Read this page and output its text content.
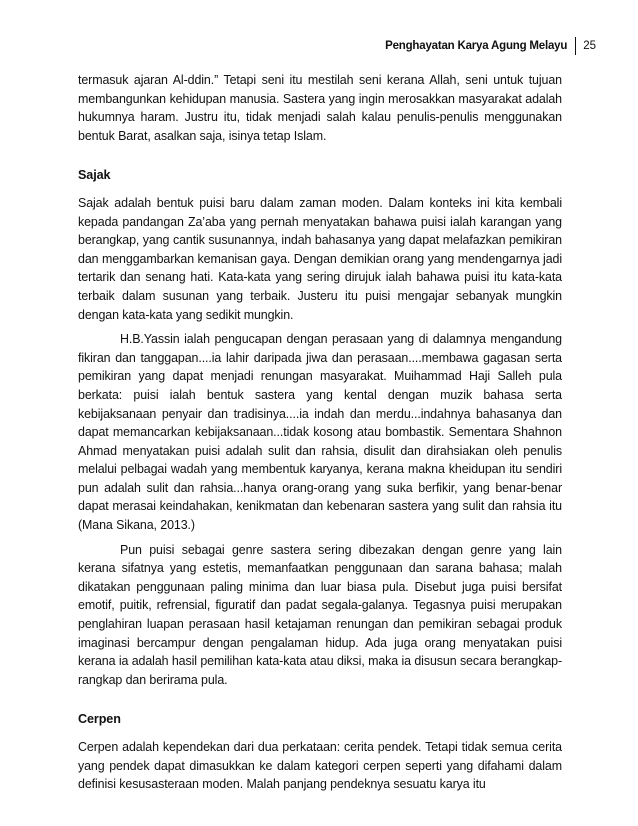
Penghayatan Karya Agung Melayu 25

termasuk ajaran Al-ddin.” Tetapi seni itu mestilah seni kerana Allah, seni untuk tujuan membangunkan kehidupan manusia. Sastera yang ingin merosakkan masyarakat adalah hukumnya haram. Justru itu, tidak menjadi salah kalau penulis-penulis menggunakan bentuk Barat, asalkan saja, isinya tetap Islam.

Sajak

Sajak adalah bentuk puisi baru dalam zaman moden. Dalam konteks ini kita kembali kepada pandangan Za’aba yang pernah menyatakan bahawa puisi ialah karangan yang berangkap, yang cantik susunannya, indah bahasanya yang dapat melafazkan pemikiran dan menggambarkan kemanisan gaya. Dengan demikian orang yang mendengarnya jadi tertarik dan senang hati. Kata-kata yang sering dirujuk ialah bahawa puisi itu kata-kata terbaik dalam susunan yang terbaik. Justeru itu puisi mengajar sebanyak mungkin dengan kata-kata yang sedikit mungkin.

H.B.Yassin ialah pengucapan dengan perasaan yang di dalamnya mengandung fikiran dan tanggapan....ia lahir daripada jiwa dan perasaan....membawa gagasan serta pemikiran yang dapat menjadi renungan masyarakat. Muihammad Haji Salleh pula berkata: puisi ialah bentuk sastera yang kental dengan muzik bahasa serta kebijaksanaan penyair dan tradisinya....ia indah dan merdu...indahnya bahasanya dan dapat memancarkan kebijaksanaan...tidak kosong atau bombastik. Sementara Shahnon Ahmad menyatakan puisi adalah sulit dan rahsia, disulit dan dirahsiakan oleh penulis melalui pelbagai wadah yang membentuk karyanya, kerana makna kheidupan itu sendiri pun adalah sulit dan rahsia...hanya orang-orang yang suka berfikir, yang benar-benar dapat merasai keindahakan, kenikmatan dan kebenaran sastera yang sulit dan rahsia itu (Mana Sikana, 2013.)

Pun puisi sebagai genre sastera sering dibezakan dengan genre yang lain kerana sifatnya yang estetis, memanfaatkan penggunaan dan sarana bahasa; malah dikatakan penggunaan paling minima dan luar biasa pula. Disebut juga puisi bersifat emotif, puitik, refrensial, figuratif dan padat segala-galanya. Tegasnya puisi merupakan penglahiran luapan perasaan hasil ketajaman renungan dan pemikiran sebagai produk imaginasi bercampur dengan pengalaman hidup. Ada juga orang menyatakan puisi kerana ia adalah hasil pemilihan kata-kata atau diksi, maka ia disusun secara berangkap-rangkap dan berirama pula.

Cerpen

Cerpen adalah kependekan dari dua perkataan: cerita pendek. Tetapi tidak semua cerita yang pendek dapat dimasukkan ke dalam kategori cerpen seperti yang difahami dalam definisi kesusasteraan moden. Malah panjang pendeknya sesuatu karya itu
